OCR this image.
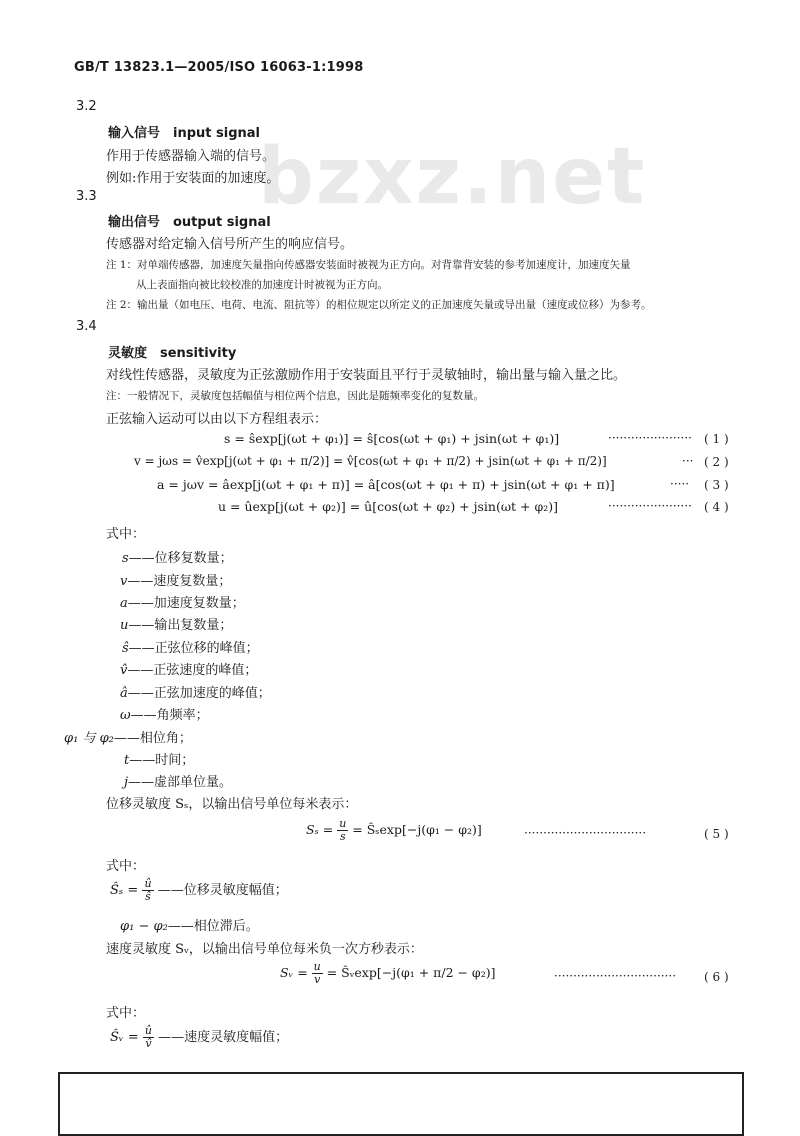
bzxz.net
GB/T 13823.1—2005/ISO 16063-1:1998
3.2
输入信号　input signal
作用于传感器输入端的信号。
例如:作用于安装面的加速度。
3.3
输出信号　output signal
传感器对给定输入信号所产生的响应信号。
注 1：对单端传感器，加速度矢量指向传感器安装面时被视为正方向。对背靠背安装的参考加速度计，加速度矢量
从上表面指向被比较校准的加速度计时被视为正方向。
注 2：输出量（如电压、电荷、电流、阻抗等）的相位规定以所定义的正加速度矢量或导出量（速度或位移）为参考。
3.4
灵敏度　sensitivity
对线性传感器，灵敏度为正弦激励作用于安装面且平行于灵敏轴时，输出量与输入量之比。
注：一般情况下，灵敏度包括幅值与相位两个信息，因此是随频率变化的复数量。
正弦输入运动可以由以下方程组表示：
s = ŝexp[j(ωt + φ₁)] = ŝ[cos(ωt + φ₁) + jsin(ωt + φ₁)]	······················ ( 1 )
v = jωs = v̂exp[j(ωt + φ₁ + π/2)] = v̂[cos(ωt + φ₁ + π/2) + jsin(ωt + φ₁ + π/2)]	··· ( 2 )
a = jωv = âexp[j(ωt + φ₁ + π)] = â[cos(ωt + φ₁ + π) + jsin(ωt + φ₁ + π)]	····· ( 3 )
u = ûexp[j(ωt + φ₂)] = û[cos(ωt + φ₂) + jsin(ωt + φ₂)]	······················ ( 4 )
式中：
s——位移复数量；
v——速度复数量；
a——加速度复数量；
u——输出复数量；
ŝ——正弦位移的峰值；
v̂——正弦速度的峰值；
â——正弦加速度的峰值；
ω——角频率；
φ₁ 与 φ₂——相位角；
t——时间；
j——虚部单位量。
位移灵敏度 Sₛ，以输出信号单位每米表示：
$S_s = \frac{u}{s}$ = Ŝₛexp[−j(φ₁ − φ₂)]	································	( 5 )
式中：
Ŝₛ = $\frac{û}{ŝ}$ ——位移灵敏度幅值；
φ₁ − φ₂——相位滞后。
速度灵敏度 Sᵥ，以输出信号单位每米负一次方秒表示：
Sᵥ = $\frac{u}{v}$ = Ŝᵥexp[−j(φ₁ + π/2 − φ₂)]	································ ( 6 )
式中：
Ŝᵥ = $\frac{û}{v̂}$ ——速度灵敏度幅值；
